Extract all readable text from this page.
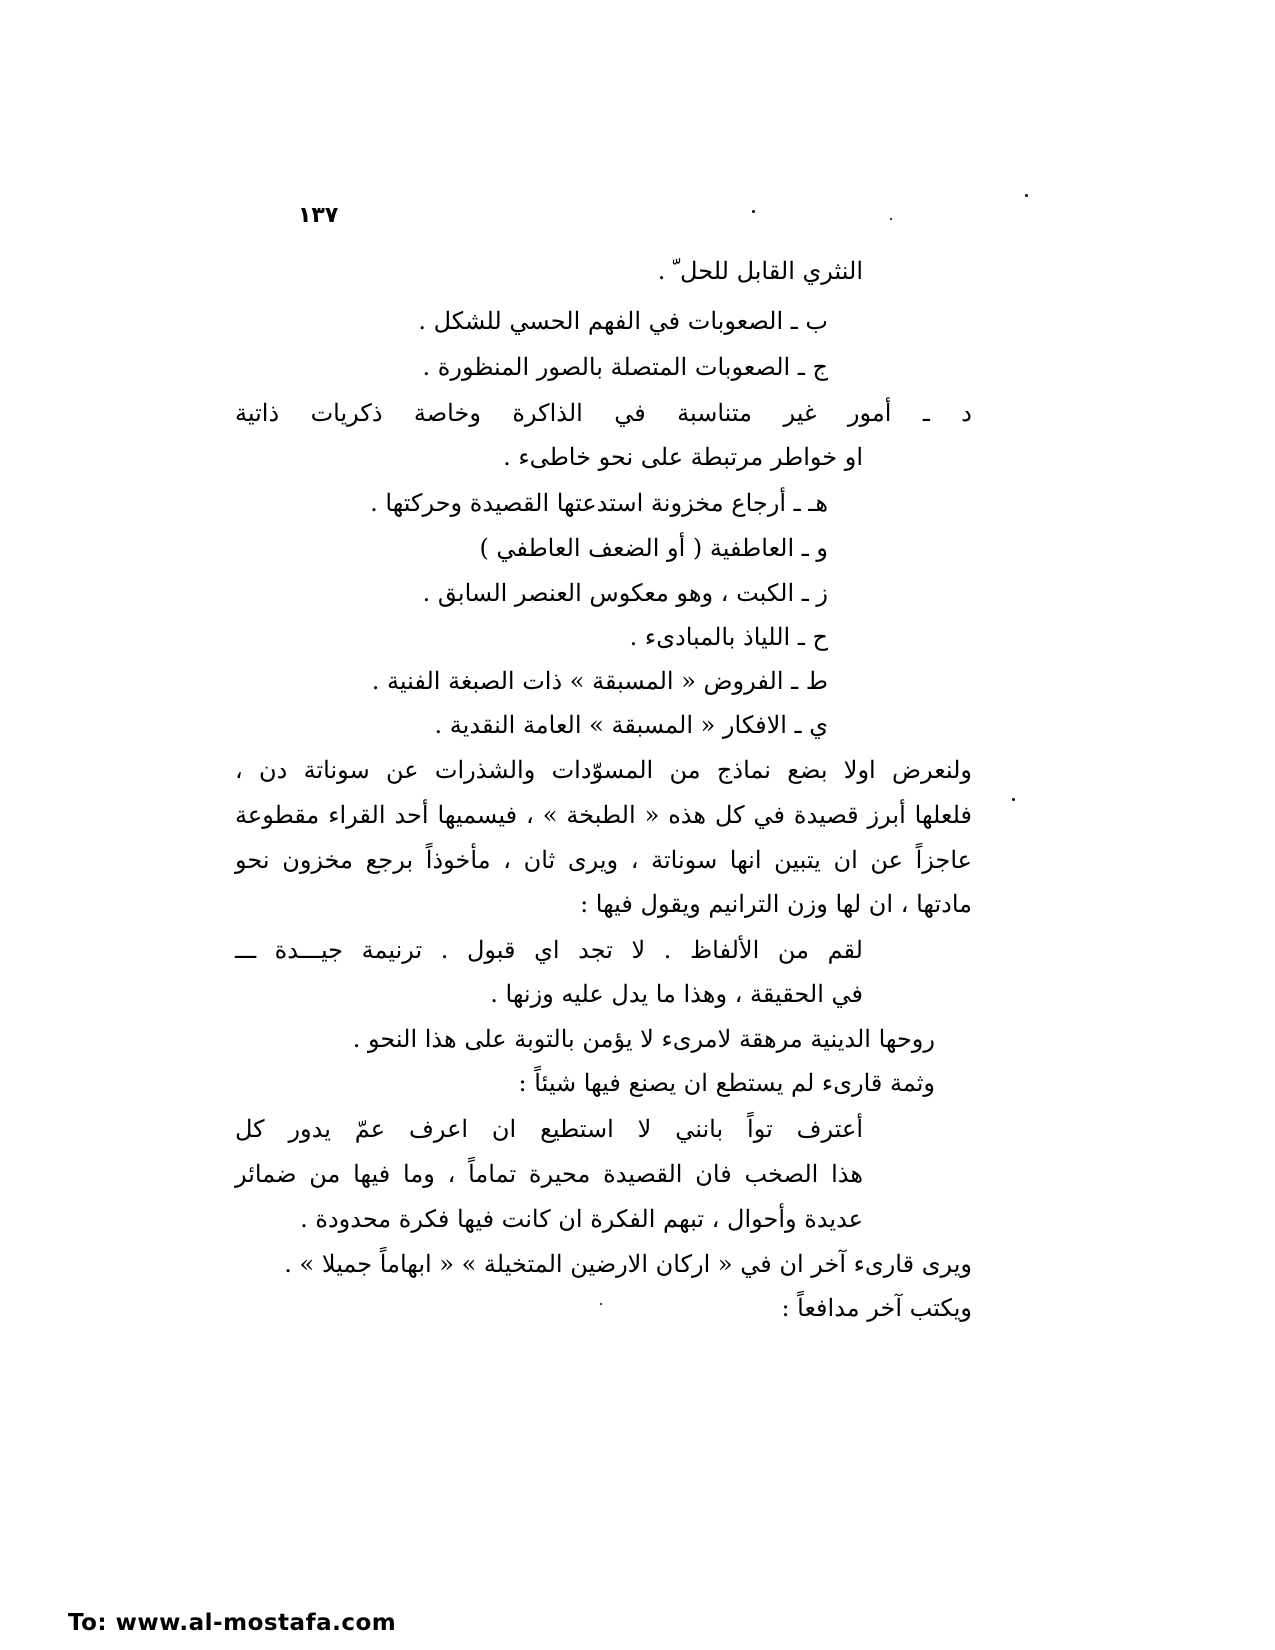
١٣٧
النثري القابل للحل ّ .
ب ـ الصعوبات في الفهم الحسي للشكل .
ج ـ الصعوبات المتصلة بالصور المنظورة .
د ـ أمور غير متناسبة في الذاكرة وخاصة ذكريات ذاتية
او خواطر مرتبطة على نحو خاطىء .
هـ ـ أرجاع مخزونة استدعتها القصيدة وحركتها .
و ـ العاطفية ( أو الضعف العاطفي )
ز ـ الكبت ، وهو معكوس العنصر السابق .
ح ـ اللياذ بالمبادىء .
ط ـ الفروض « المسبقة » ذات الصبغة الفنية .
ي ـ الافكار « المسبقة » العامة النقدية .
ولنعرض اولا بضع نماذج من المسوّدات والشذرات عن سوناتة دن ،
فلعلها أبرز قصيدة في كل هذه « الطبخة » ، فيسميها أحد القراء مقطوعة
عاجزاً عن ان يتبين انها سوناتة ، ويرى ثان ، مأخوذاً برجع مخزون نحو
مادتها ، ان لها وزن الترانيم ويقول فيها :
لقم من الألفاظ . لا تجد اي قبول . ترنيمة جيـــدة ـــ
في الحقيقة ، وهذا ما يدل عليه وزنها .
روحها الدينية مرهقة لامرىء لا يؤمن بالتوبة على هذا النحو .
وثمة قارىء لم يستطع ان يصنع فيها شيئاً :
أعترف تواً بانني لا استطيع ان اعرف عمّ يدور كل
هذا الصخب فان القصيدة محيرة تماماً ، وما فيها من ضمائر
عديدة وأحوال ، تبهم الفكرة ان كانت فيها فكرة محدودة .
ويرى قارىء آخر ان في « اركان الارضين المتخيلة » « ابهاماً جميلا » .
ويكتب آخر مدافعاً :
To: www.al-mostafa.com
